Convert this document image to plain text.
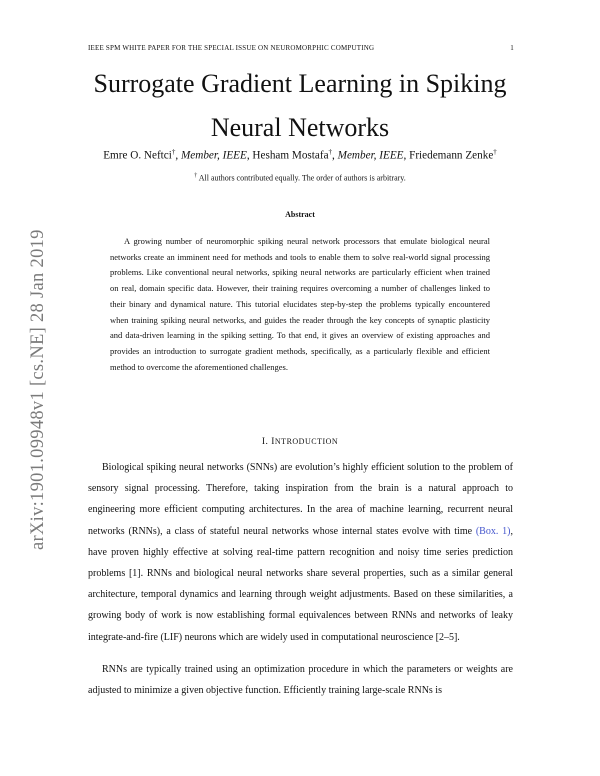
IEEE SPM WHITE PAPER FOR THE SPECIAL ISSUE ON NEUROMORPHIC COMPUTING	1
Surrogate Gradient Learning in Spiking
Neural Networks
Emre O. Neftci†, Member, IEEE, Hesham Mostafa†, Member, IEEE, Friedemann Zenke†
† All authors contributed equally. The order of authors is arbitrary.
Abstract
A growing number of neuromorphic spiking neural network processors that emulate biological neural networks create an imminent need for methods and tools to enable them to solve real-world signal processing problems. Like conventional neural networks, spiking neural networks are particularly efficient when trained on real, domain specific data. However, their training requires overcoming a number of challenges linked to their binary and dynamical nature. This tutorial elucidates step-by-step the problems typically encountered when training spiking neural networks, and guides the reader through the key concepts of synaptic plasticity and data-driven learning in the spiking setting. To that end, it gives an overview of existing approaches and provides an introduction to surrogate gradient methods, specifically, as a particularly flexible and efficient method to overcome the aforementioned challenges.
I. INTRODUCTION
Biological spiking neural networks (SNNs) are evolution’s highly efficient solution to the problem of sensory signal processing. Therefore, taking inspiration from the brain is a natural approach to engineering more efficient computing architectures. In the area of machine learning, recurrent neural networks (RNNs), a class of stateful neural networks whose internal states evolve with time (Box. 1), have proven highly effective at solving real-time pattern recognition and noisy time series prediction problems [1]. RNNs and biological neural networks share several properties, such as a similar general architecture, temporal dynamics and learning through weight adjustments. Based on these similarities, a growing body of work is now establishing formal equivalences between RNNs and networks of leaky integrate-and-fire (LIF) neurons which are widely used in computational neuroscience [2–5].
RNNs are typically trained using an optimization procedure in which the parameters or weights are adjusted to minimize a given objective function. Efficiently training large-scale RNNs is
arXiv:1901.09948v1 [cs.NE] 28 Jan 2019
